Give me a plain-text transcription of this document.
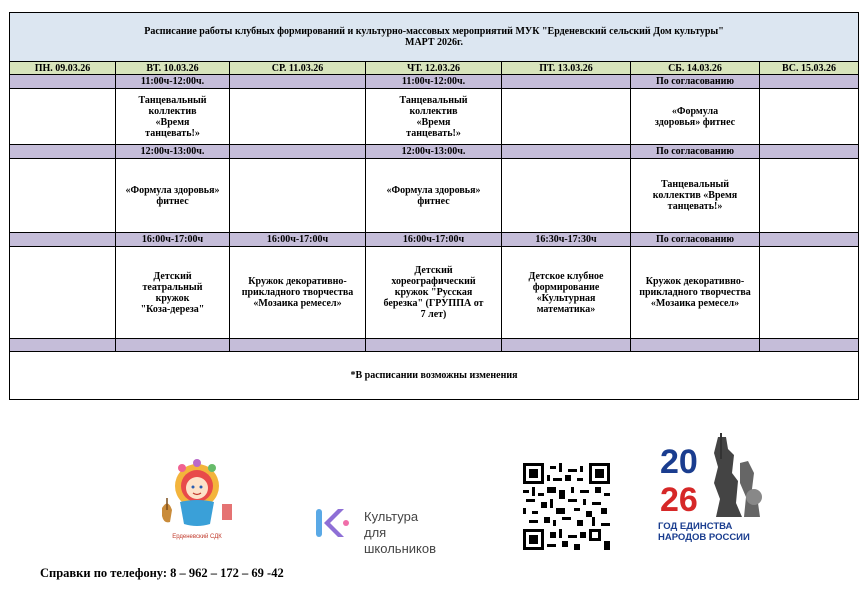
Расписание работы клубных формирований и культурно-массовых мероприятий МУК "Ерденевский сельский Дом культуры"
МАРТ 2026г.						

ПН. 09.03.26	ВТ. 10.03.26	СР. 11.03.26	ЧТ. 12.03.26	ПТ. 13.03.26	СБ. 14.03.26	ВС. 15.03.26
	11:00ч-12:00ч.		11:00ч-12:00ч.		По согласованию	
	Танцевальный коллектив «Время танцевать!»		Танцевальный коллектив «Время танцевать!»		«Формула здоровья» фитнес	
	12:00ч-13:00ч.		12:00ч-13:00ч.		По согласованию	
	«Формула здоровья» фитнес		«Формула здоровья» фитнес		Танцевальный коллектив «Время танцевать!»	
	16:00ч-17:00ч	16:00ч-17:00ч	16:00ч-17:00ч	16:30ч-17:30ч	По согласованию	
	Детский театральный кружок "Коза-дереза"	Кружок декоративно-прикладного творчества «Мозаика ремесел»	Детский хореографический кружок "Русская березка" (ГРУППА от 7 лет)	Детское клубное формирование «Культурная математика»	Кружок декоративно-прикладного творчества «Мозаика ремесел»	

*В расписании возможны изменения						
Ерденевский СДК
Культура для школьников
20
26
ГОД ЕДИНСТВА НАРОДОВ РОССИИ
Справки по телефону: 8 – 962 – 172 – 69 -42
